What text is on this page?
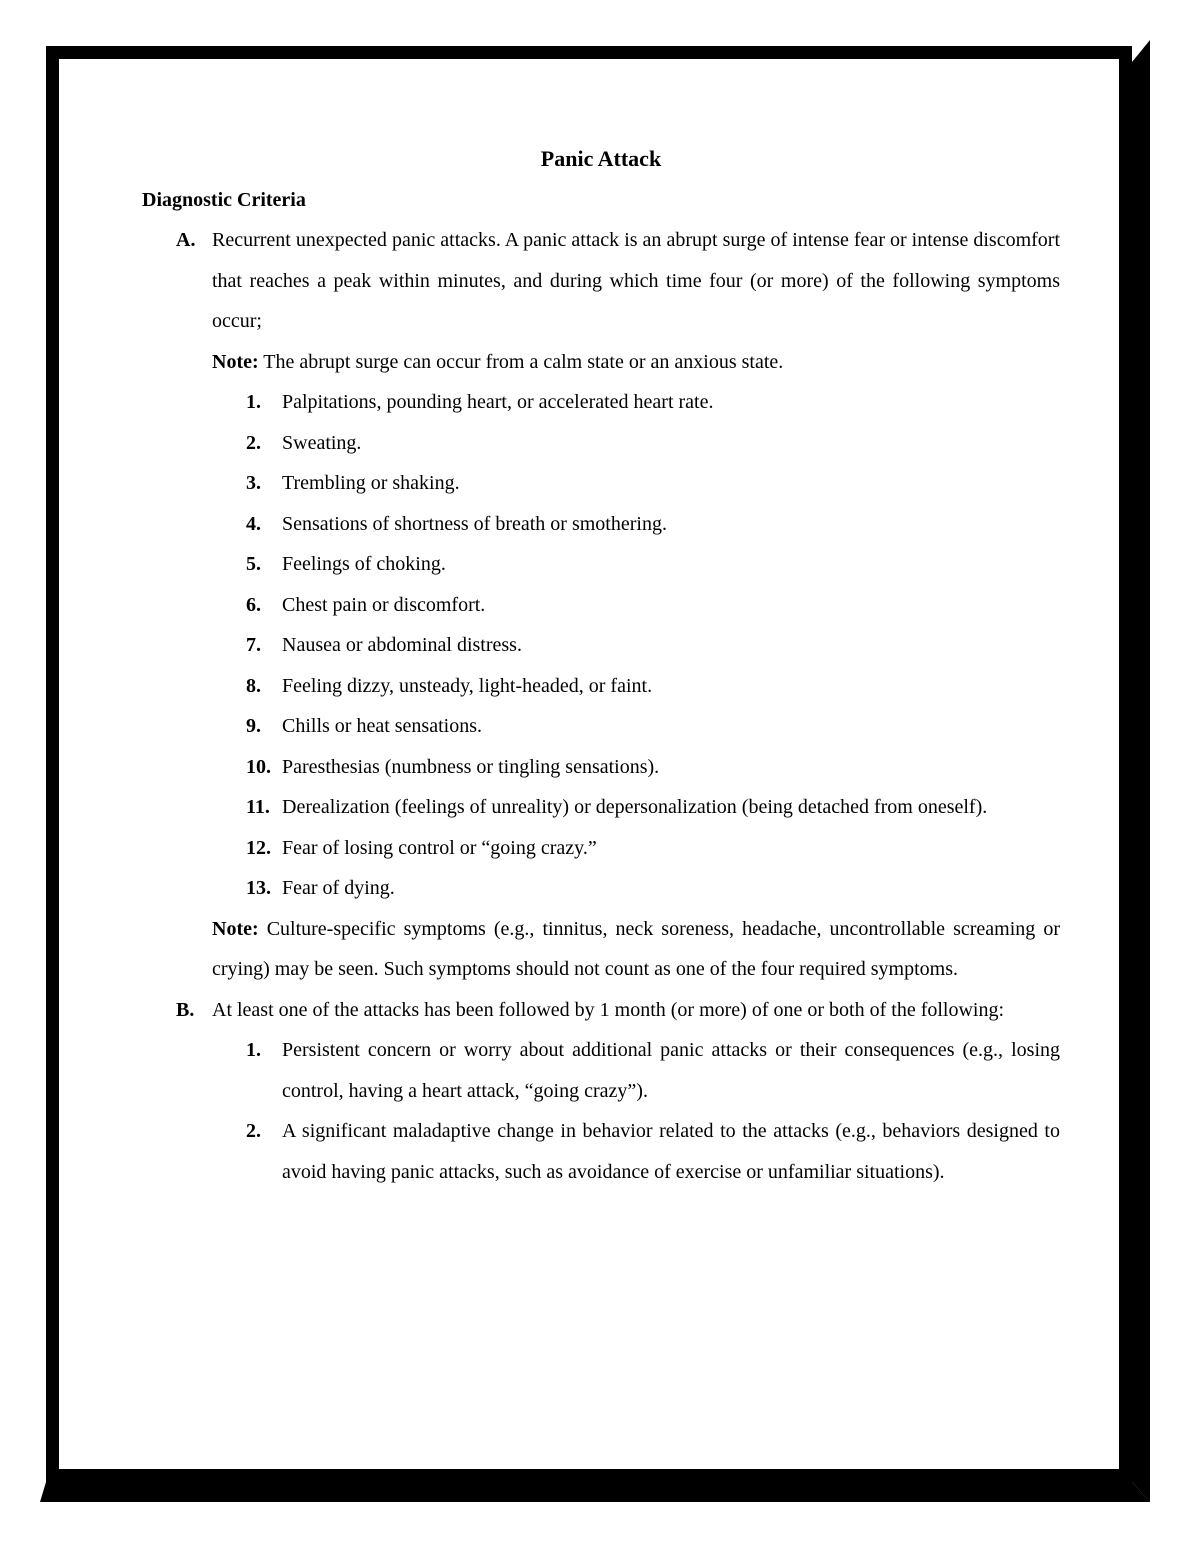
Panic Attack
Diagnostic Criteria
A. Recurrent unexpected panic attacks. A panic attack is an abrupt surge of intense fear or intense discomfort that reaches a peak within minutes, and during which time four (or more) of the following symptoms occur;
Note: The abrupt surge can occur from a calm state or an anxious state.
1.	Palpitations, pounding heart, or accelerated heart rate.
2.	Sweating.
3.	Trembling or shaking.
4.	Sensations of shortness of breath or smothering.
5.	Feelings of choking.
6.	Chest pain or discomfort.
7.	Nausea or abdominal distress.
8.	Feeling dizzy, unsteady, light-headed, or faint.
9.	Chills or heat sensations.
10. Paresthesias (numbness or tingling sensations).
11. Derealization (feelings of unreality) or depersonalization (being detached from oneself).
12. Fear of losing control or “going crazy.”
13. Fear of dying.
Note: Culture-specific symptoms (e.g., tinnitus, neck soreness, headache, uncontrollable screaming or crying) may be seen. Such symptoms should not count as one of the four required symptoms.
B. At least one of the attacks has been followed by 1 month (or more) of one or both of the following:
1.	Persistent concern or worry about additional panic attacks or their consequences (e.g., losing control, having a heart attack, “going crazy”).
2.	A significant maladaptive change in behavior related to the attacks (e.g., behaviors designed to avoid having panic attacks, such as avoidance of exercise or unfamiliar situations).
